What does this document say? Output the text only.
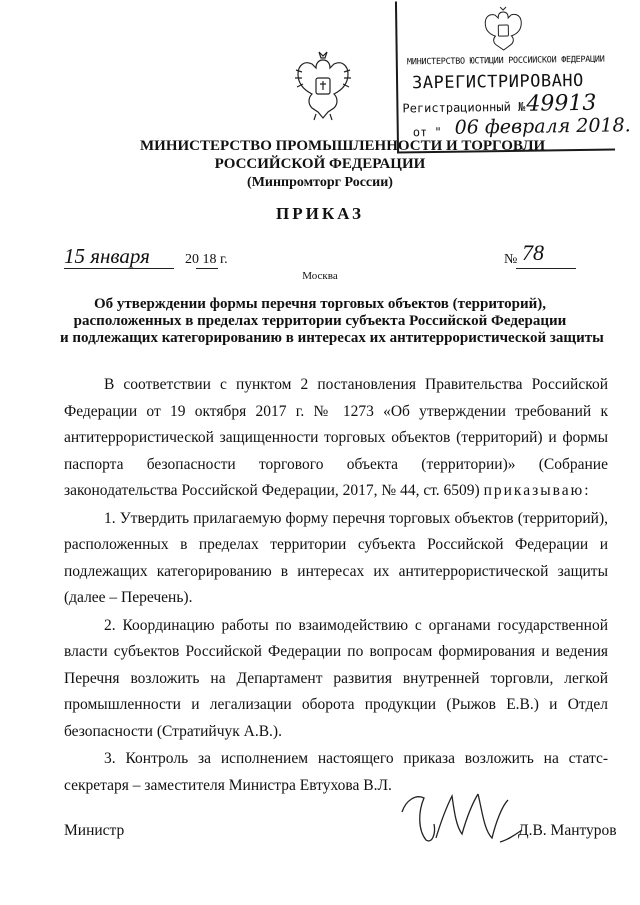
МИНИСТЕРСТВО ЮСТИЦИИ РОССИЙСКОЙ ФЕДЕРАЦИИ
ЗАРЕГИСТРИРОВАНО
Регистрационный № 49913
от " 06 февраля 2018.
МИНИСТЕРСТВО ПРОМЫШЛЕННОСТИ И ТОРГОВЛИ
РОССИЙСКОЙ ФЕДЕРАЦИИ
(Минпромторг России)
ПРИКАЗ
15 января	20 18 г.	№ 78
Москва
Об утверждении формы перечня торговых объектов (территорий),
расположенных в пределах территории субъекта Российской Федерации
и подлежащих категорированию в интересах их антитеррористической защиты

В соответствии с пунктом 2 постановления Правительства Российской Федерации от 19 октября 2017 г. № 1273 «Об утверждении требований к антитеррористической защищенности торговых объектов (территорий) и формы паспорта безопасности торгового объекта (территории)» (Собрание законодательства Российской Федерации, 2017, № 44, ст. 6509) приказываю:

1. Утвердить прилагаемую форму перечня торговых объектов (территорий), расположенных в пределах территории субъекта Российской Федерации и подлежащих категорированию в интересах их антитеррористической защиты (далее – Перечень).

2. Координацию работы по взаимодействию с органами государственной власти субъектов Российской Федерации по вопросам формирования и ведения Перечня возложить на Департамент развития внутренней торговли, легкой промышленности и легализации оборота продукции (Рыжов Е.В.) и Отдел безопасности (Стратийчук А.В.).

3. Контроль за исполнением настоящего приказа возложить на статс-секретаря – заместителя Министра Евтухова В.Л.

Министр	Д.В. Мантуров
